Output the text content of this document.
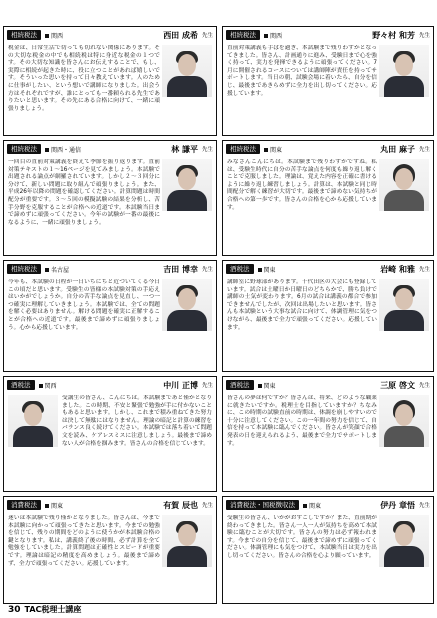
相続税法	関西	西田 成希 先生
税金は、日常生活で切っても切れない関係にあります。その大切な税金の中でも相続税は特に身近な税金の１つです。その大切な知識を皆さんにお伝えすることで、もし、実際に相続が起きた時に、役に立つことがあれば嬉しいです。そういった思いを持って日々教えています。人のために仕事がしたい、という想いで講師になりました。出会う方はそれぞれですが、誰にとっても一番頼られる先生でありたいと思います。その先にある合格に向けて、一緒に頑張りましょう。
相続税法	関西	野々村 和芳 先生
直前対策講義も手ばを過ぎ、本試験まで残りわずかとなってきました。皆さん、計画通りに進み、受験日まで心を強く持って、実力を発揮できるように頑張ってください。7月に開催されるコースについては講師陣が責任を持ってサポートします。当日の朝、試験会場に着いたら、自分を信じ、最後まであきらめずに全力を出し切ってください。応援しています。
相続税法	関西・通信	林 謙平 先生
一回目の直前対策講義を終えて季節を振り返ります。直前対策テキストの１〜16ページを見てみましょう。本試験で出題される論点が網羅されています。しかし２〜３回分に分けて、新しい問題に取り組んで頑張りましょう。また、平成26年以降の問題を確認してください。計算問題は時間配分が重要です。３〜５回の模擬試験の結果を分析し、苦手分野を克服することが合格への近道です。本試験当日まで諦めずに頑張ってください。今年の試験が一番の最後になるように、一緒に頑張りましょう。
相続税法	関東	丸田 麻子 先生
みなさんこんにちは。本試験まで残りわずかですね。私は、受験生時代に自分の苦手な論点を何度も繰り返し解くことで克服しました。理論は、覚えた内容を正確に書けるように繰り返し練習しましょう。計算は、本試験と同じ時間配分で解く練習が大切です。最後まで諦めない気持ちが合格への第一歩です。皆さんの合格を心から応援しています。
相続税法	名古屋	吉田 博幸 先生
今年も、本試験の日程が一日いちにちと近づいてくる今日この頃だと思います。受験生の皆様の本試験対策の手応えはいかがでしょうか。自分の苦手な論点を見直し、一つ一つ確実に理解していきましょう。本試験では、全ての問題を解く必要はありません。解ける問題を確実に正解することが合格への近道です。最後まで諦めずに頑張りましょう。心から応援しています。
酒税法	関東	岩崎 和雅 先生
講師室に野球部があります。千代田区の大会にも登録しています。試合は土曜日か日曜日のどちらかで、勝ち負けで講師の士気が変わります。6月の試合は講義の都合で参加できませんでしたが、次回は出場したいと思います。皆さんも本試験という大事な試合に向けて、体調管理に気をつけながら、最後まで全力で頑張ってください。応援しています。
酒税法	関西	中川 正博 先生
受講生の皆さん、こんにちは。本試験まであと僅かとなりました。この時期、不安と緊張で勉強が手に付かないこともあると思います。しかし、これまで積み重ねてきた努力は決して無駄にはなりません。理論の暗記と計算の練習をバランス良く続けてください。本試験では落ち着いて問題文を読み、ケアレスミスに注意しましょう。最後まで諦めない人が合格を掴みます。皆さんの合格を信じています。
酒税法	関東	三原 啓文 先生
皆さんの夢は何ですか？皆さんは、将来、どのような職業に就きたいですか。税理士を目指していますか？ちなみに、この時期の試験直前の時期は、体調を崩しやすいので十分に注意してください。この一年間の努力を信じて、自信を持って本試験に臨んでください。皆さんが笑顔で合格発表の日を迎えられるよう、最後まで全力でサポートします。
消費税法	関東	有賀 辰也 先生
迷いは本試験で残り僅かとなりました。皆さんは、今まで本試験に向かって頑張ってきたと思います。今までの勉強を信じて、残りの期間をどのように使うかが本試験合格の鍵となります。私は、講義終了後の時間、必ず計算を全て勉強をしていました。計算問題は正確性とスピードが重要です。理論は暗記の精度を高めましょう。最後まで諦めず、全力で頑張ってください。応援しています。
消費税法・国税徴収法	関東	伊丹 章悟 先生
受験生の皆さん、いかがおすごしですか？また、直前期が終わってきました。皆さん一人一人が気持ちを高めて本試験に臨むことが大切です。皆さんの努力は必ず報われます。今までの自分を信じて、最後まで諦めずに頑張ってください。体調管理にも気をつけて、本試験当日は実力を出し切ってください。皆さんの合格を心より願っています。
30 TAC税理士講座
